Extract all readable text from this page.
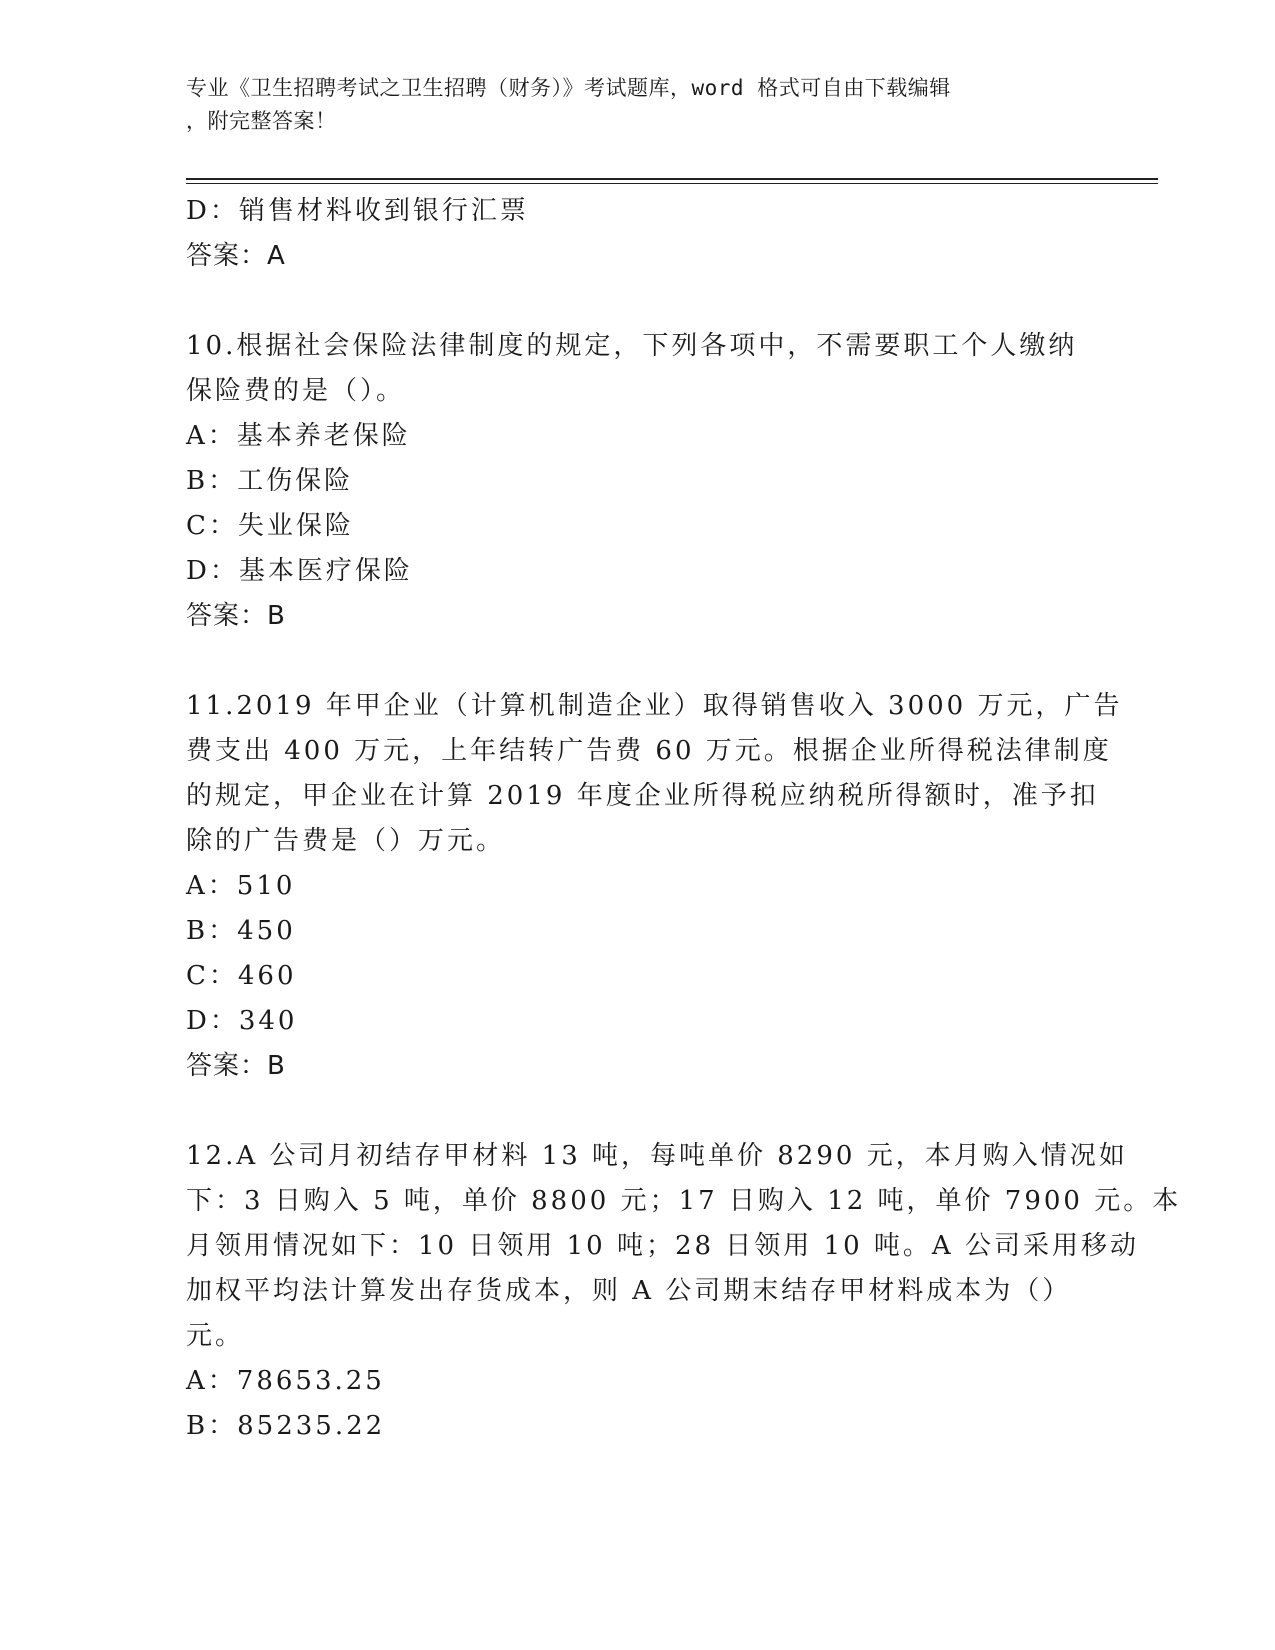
专业《卫生招聘考试之卫生招聘（财务）》考试题库，word 格式可自由下载编辑
，附完整答案！
D：销售材料收到银行汇票
答案：A
10.根据社会保险法律制度的规定，下列各项中，不需要职工个人缴纳
保险费的是（）。
A：基本养老保险
B：工伤保险
C：失业保险
D：基本医疗保险
答案：B
11.2019 年甲企业（计算机制造企业）取得销售收入 3000 万元，广告
费支出 400 万元，上年结转广告费 60 万元。根据企业所得税法律制度
的规定，甲企业在计算 2019 年度企业所得税应纳税所得额时，准予扣
除的广告费是（）万元。
A：510
B：450
C：460
D：340
答案：B
12.A 公司月初结存甲材料 13 吨，每吨单价 8290 元，本月购入情况如
下：3 日购入 5 吨，单价 8800 元；17 日购入 12 吨，单价 7900 元。本
月领用情况如下：10 日领用 10 吨；28 日领用 10 吨。A 公司采用移动
加权平均法计算发出存货成本，则 A 公司期末结存甲材料成本为（）
元。
A：78653.25
B：85235.22
